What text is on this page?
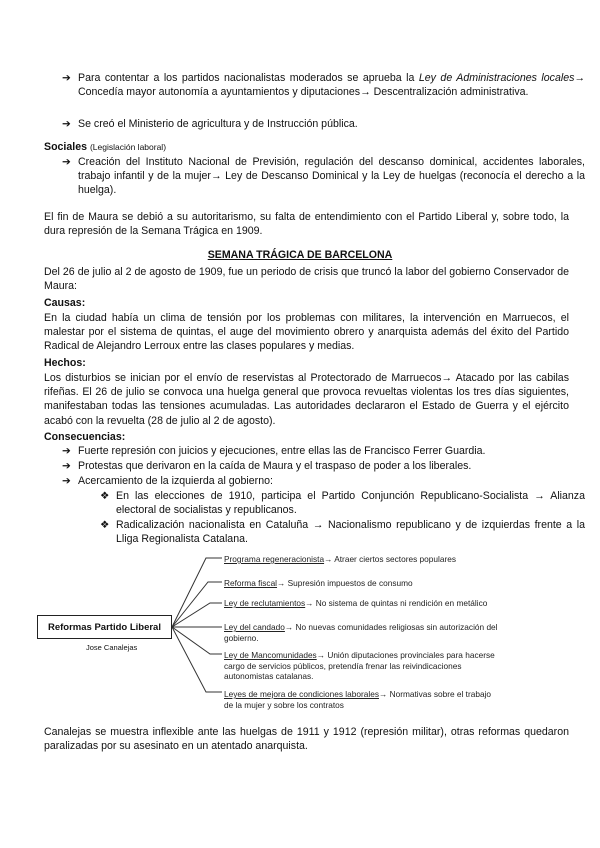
➔ Para contentar a los partidos nacionalistas moderados se aprueba la Ley de Administraciones locales→ Concedía mayor autonomía a ayuntamientos y diputaciones→ Descentralización administrativa.
➔ Se creó el Ministerio de agricultura y de Instrucción pública.
Sociales (Legislación laboral)
➔ Creación del Instituto Nacional de Previsión, regulación del descanso dominical, accidentes laborales, trabajo infantil y de la mujer→ Ley de Descanso Dominical y la Ley de huelgas (reconocía el derecho a la huelga).
El fin de Maura se debió a su autoritarismo, su falta de entendimiento con el Partido Liberal y, sobre todo, la dura represión de la Semana Trágica en 1909.
SEMANA TRÁGICA DE BARCELONA
Del 26 de julio al 2 de agosto de 1909, fue un periodo de crisis que truncó la labor del gobierno Conservador de Maura:
Causas:
En la ciudad había un clima de tensión por los problemas con militares, la intervención en Marruecos, el malestar por el sistema de quintas, el auge del movimiento obrero y anarquista además del éxito del Partido Radical de Alejandro Lerroux entre las clases populares y medias.
Hechos:
Los disturbios se inician por el envío de reservistas al Protectorado de Marruecos→ Atacado por las cabilas rifeñas. El 26 de julio se convoca una huelga general que provoca revueltas violentas los tres días siguientes, manifestaban todas las tensiones acumuladas. Las autoridades declararon el Estado de Guerra y el ejército acabó con la revuelta (28 de julio al 2 de agosto).
Consecuencias:
➔ Fuerte represión con juicios y ejecuciones, entre ellas las de Francisco Ferrer Guardia.
➔ Protestas que derivaron en la caída de Maura y el traspaso de poder a los liberales.
➔ Acercamiento de la izquierda al gobierno:
❖ En las elecciones de 1910, participa el Partido Conjunción Republicano-Socialista → Alianza electoral de socialistas y republicanos.
❖ Radicalización nacionalista en Cataluña → Nacionalismo republicano y de izquierdas frente a la Lliga Regionalista Catalana.
Reformas Partido Liberal
Jose Canalejas
Programa regeneracionista→ Atraer ciertos sectores populares
Reforma fiscal→ Supresión impuestos de consumo
Ley de reclutamientos→ No sistema de quintas ni rendición en metálico
Ley del candado→ No nuevas comunidades religiosas sin autorización del gobierno.
Ley de Mancomunidades→ Unión diputaciones provinciales para hacerse cargo de servicios públicos, pretendía frenar las reivindicaciones autonomistas catalanas.
Leyes de mejora de condiciones laborales→ Normativas sobre el trabajo de la mujer y sobre los contratos
Canalejas se muestra inflexible ante las huelgas de 1911 y 1912 (represión militar), otras reformas quedaron paralizadas por su asesinato en un atentado anarquista.
